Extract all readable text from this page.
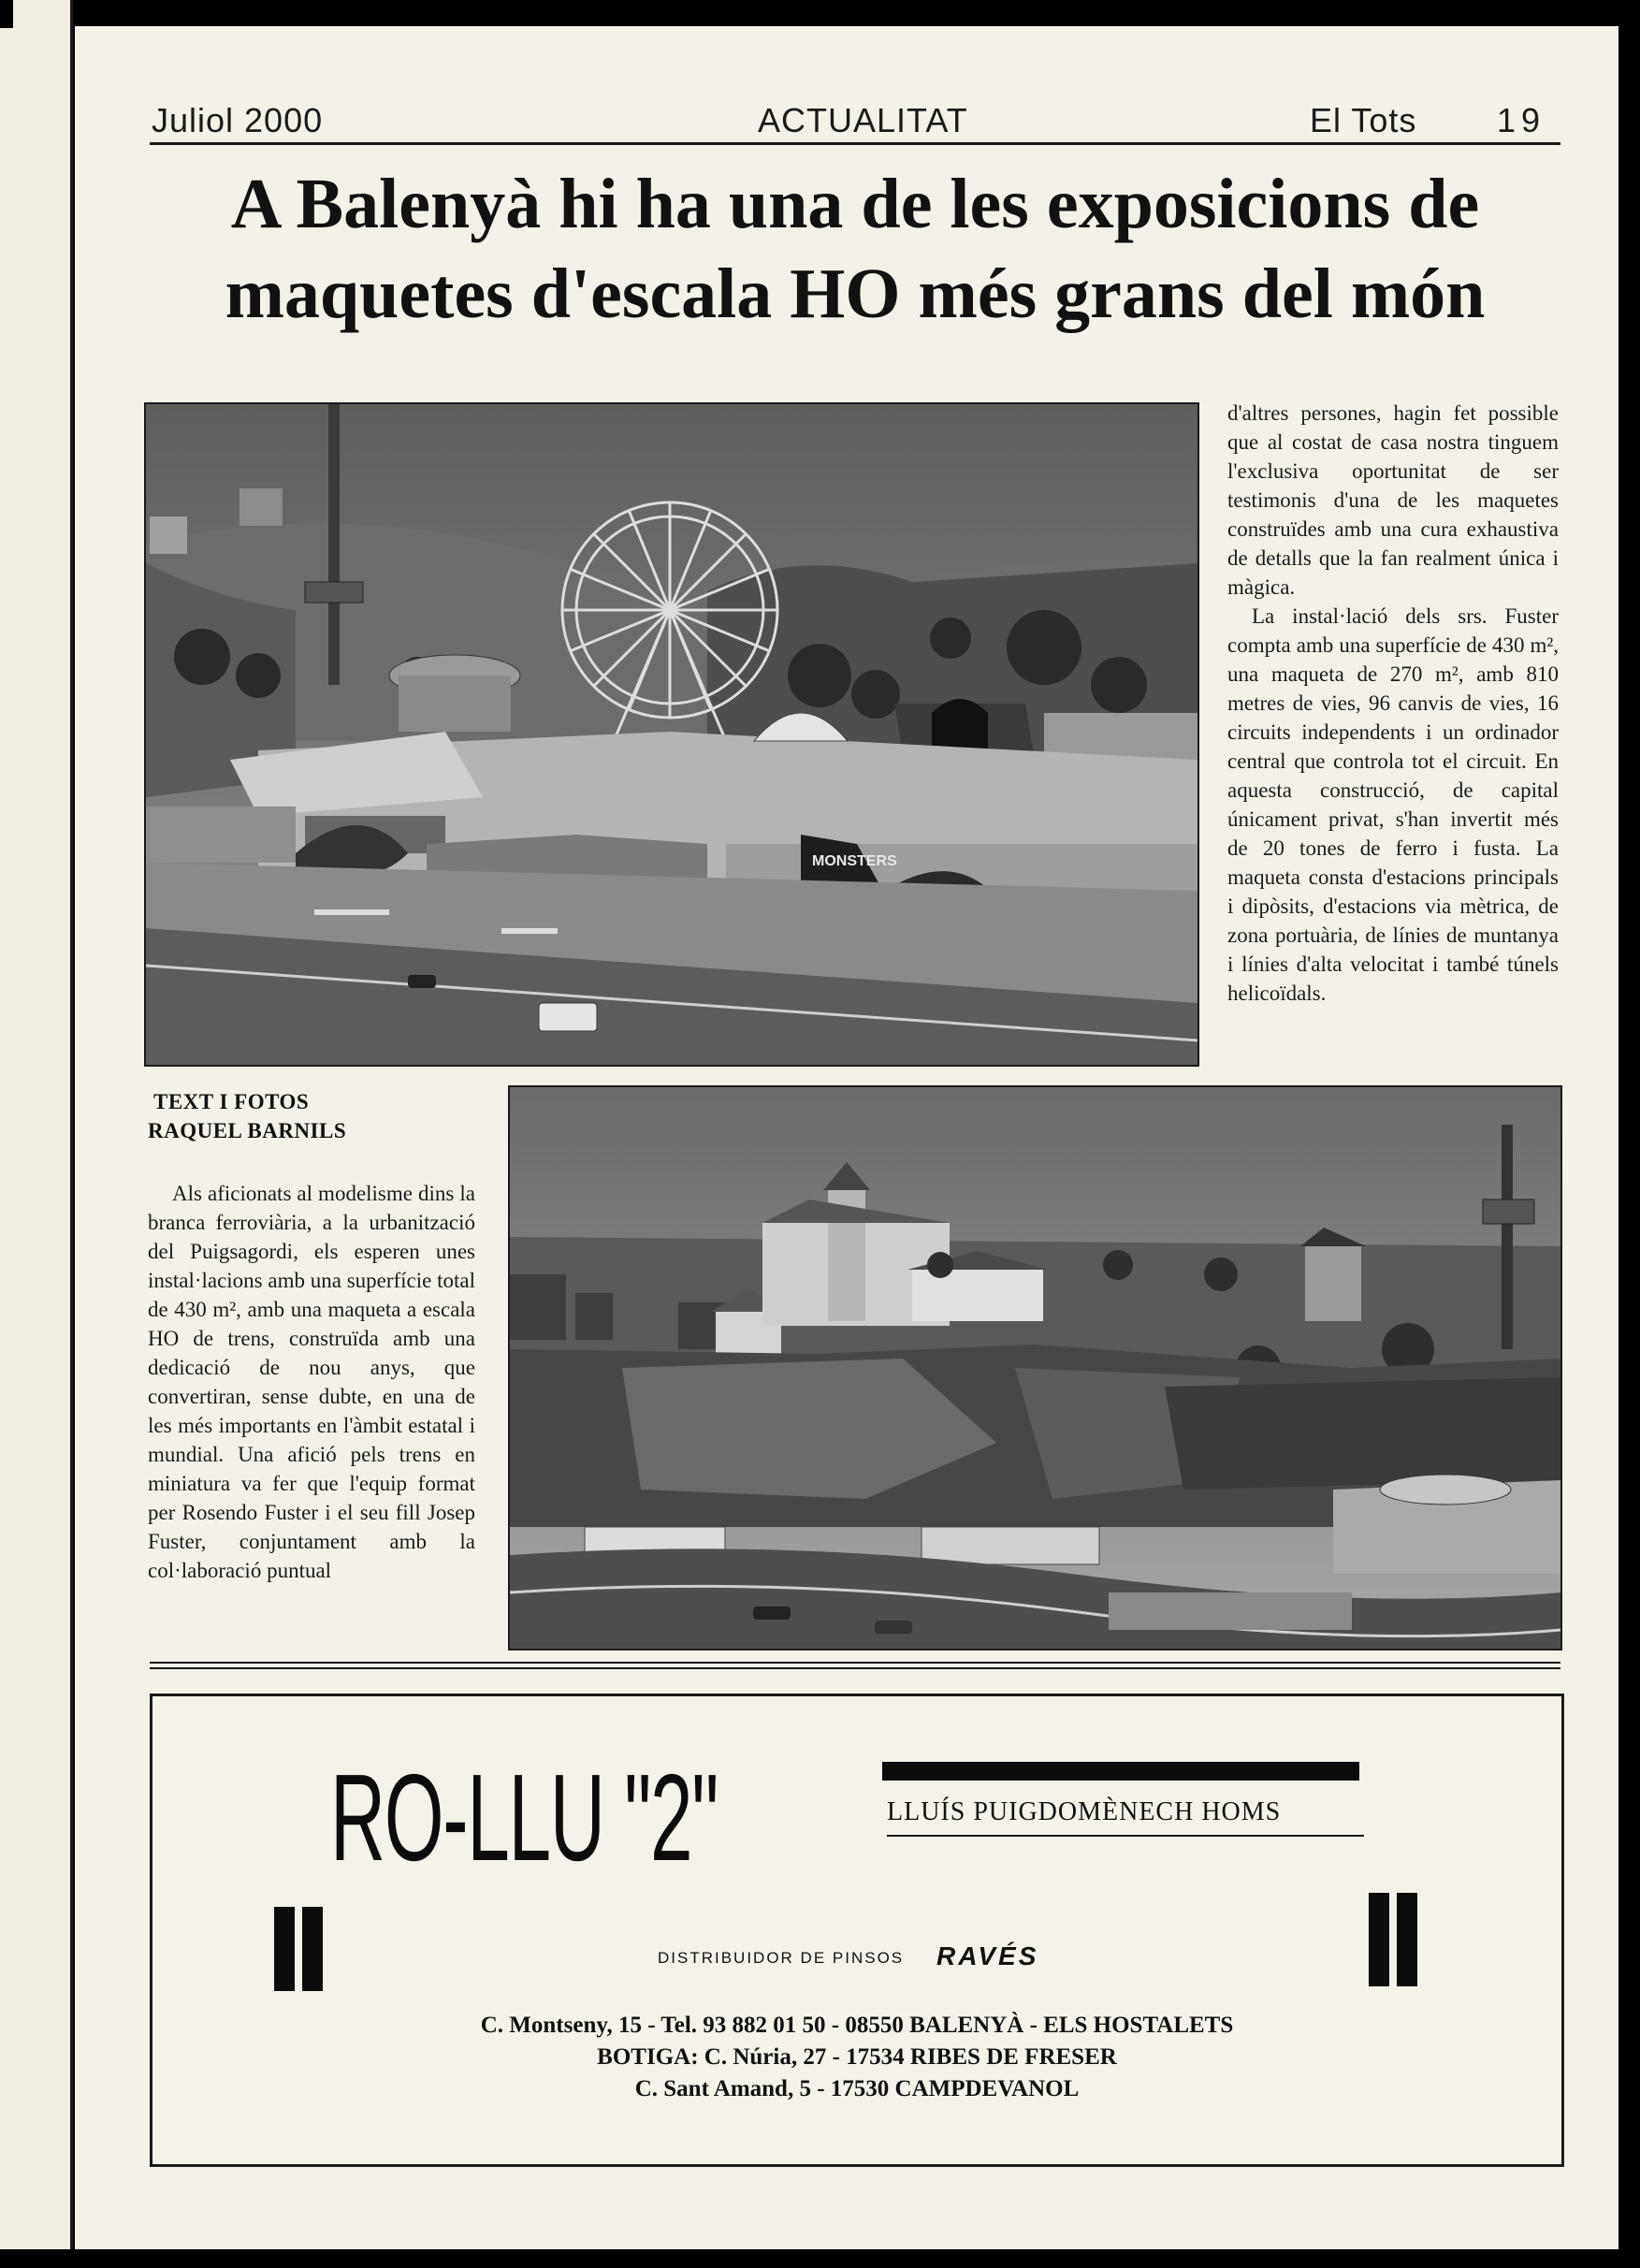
Juliol 2000	ACTUALITAT	El Tots 19
A Balenyà hi ha una de les exposicions de maquetes d'escala HO més grans del món
MONSTERS

d'altres persones, hagin fet possible que al costat de casa nostra tinguem l'exclusiva oportunitat de ser testimonis d'una de les maquetes construïdes amb una cura exhaustiva de detalls que la fan realment única i màgica.

La instal·lació dels srs. Fuster compta amb una superfície de 430 m², una maqueta de 270 m², amb 810 metres de vies, 96 canvis de vies, 16 circuits independents i un ordinador central que controla tot el circuit. En aquesta construcció, de capital únicament privat, s'han invertit més de 20 tones de ferro i fusta. La maqueta consta d'estacions principals i dipòsits, d'estacions via mètrica, de zona portuària, de línies de muntanya i línies d'alta velocitat i també túnels helicoïdals.

TEXT I FOTOS
RAQUEL BARNILS

Als aficionats al modelisme dins la branca ferroviària, a la urbanització del Puigsagordi, els esperen unes instal·lacions amb una superfície total de 430 m², amb una maqueta a escala HO de trens, construïda amb una dedicació de nou anys, que convertiran, sense dubte, en una de les més importants en l'àmbit estatal i mundial. Una afició pels trens en miniatura va fer que l'equip format per Rosendo Fuster i el seu fill Josep Fuster, conjuntament amb la col·laboració puntual

RO-LLU "2"	LLUÍS PUIGDOMÈNECH HOMS
DISTRIBUIDOR DE PINSOS RAVÉS
C. Montseny, 15 - Tel. 93 882 01 50 - 08550 BALENYÀ - ELS HOSTALETS
BOTIGA: C. Núria, 27 - 17534 RIBES DE FRESER
C. Sant Amand, 5 - 17530 CAMPDEVANOL
